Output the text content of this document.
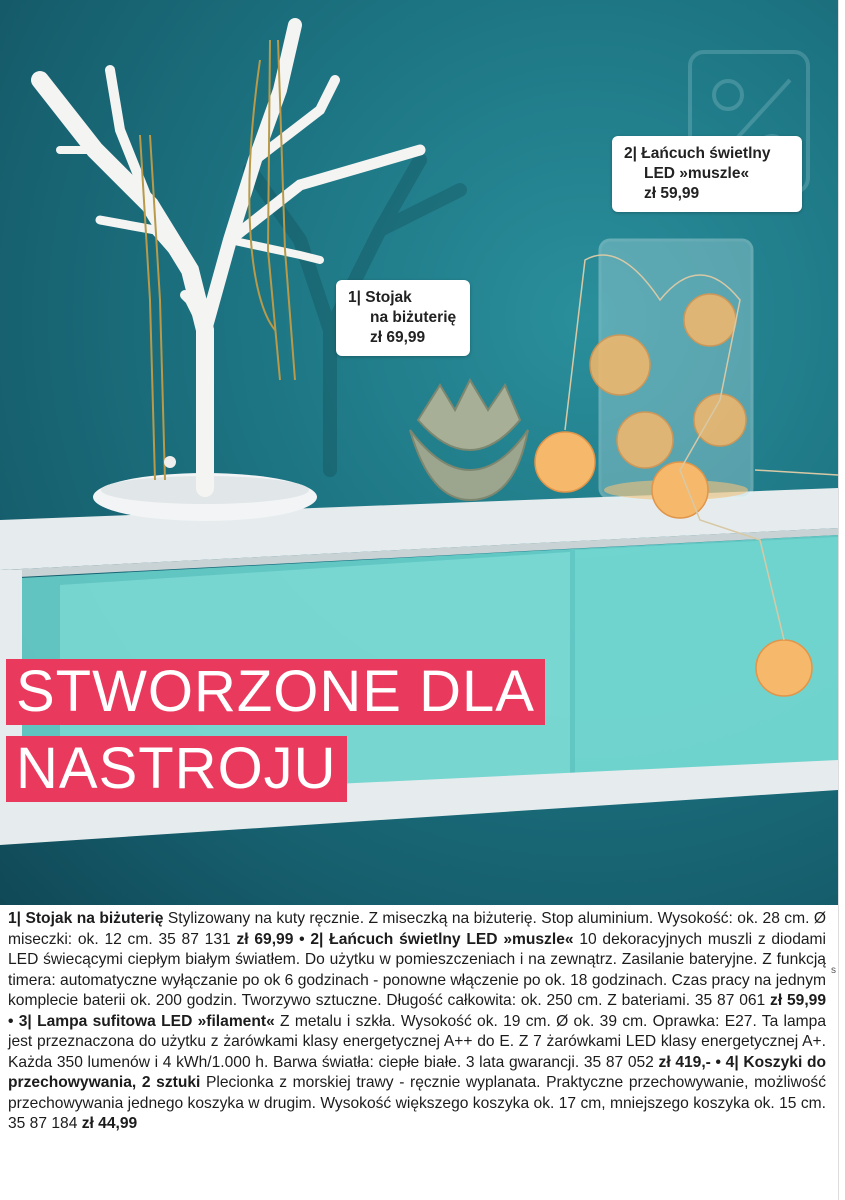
1| Stojak
na biżuterię
zł 69,99
2| Łańcuch świetlny
LED »muszle«
zł 59,99
STWORZONE DLA
NASTROJU
1| Stojak na biżuterię Stylizowany na kuty ręcznie. Z miseczką na biżuterię. Stop aluminium. Wysokość: ok. 28 cm. Ø miseczki: ok. 12 cm. 35 87 131 zł 69,99 • 2| Łańcuch świetlny LED »muszle« 10 dekoracyjnych muszli z diodami LED świecącymi ciepłym białym światłem. Do użytku w pomieszczeniach i na zewnątrz. Zasilanie bateryjne. Z funkcją timera: automatyczne wyłączanie po ok 6 godzinach - ponowne włączenie po ok. 18 godzinach. Czas pracy na jednym komplecie baterii ok. 200 godzin. Tworzywo sztuczne. Długość całkowita: ok. 250 cm. Z bateriami. 35 87 061 zł 59,99 • 3| Lampa sufitowa LED »filament« Z metalu i szkła. Wysokość ok. 19 cm. Ø ok. 39 cm. Oprawka: E27. Ta lampa jest przeznaczona do użytku z żarówkami klasy energetycznej A++ do E. Z 7 żarówkami LED klasy energetycznej A+. Każda 350 lumenów i 4 kWh/1.000 h. Barwa światła: ciepłe białe. 3 lata gwarancji. 35 87 052 zł 419,- • 4| Koszyki do przechowywania, 2 sztuki Plecionka z morskiej trawy - ręcznie wyplanata. Praktyczne przechowywanie, możliwość przechowywania jednego koszyka w drugim. Wysokość większego koszyka ok. 17 cm, mniejszego koszyka ok. 15 cm. 35 87 184 zł 44,99
s
